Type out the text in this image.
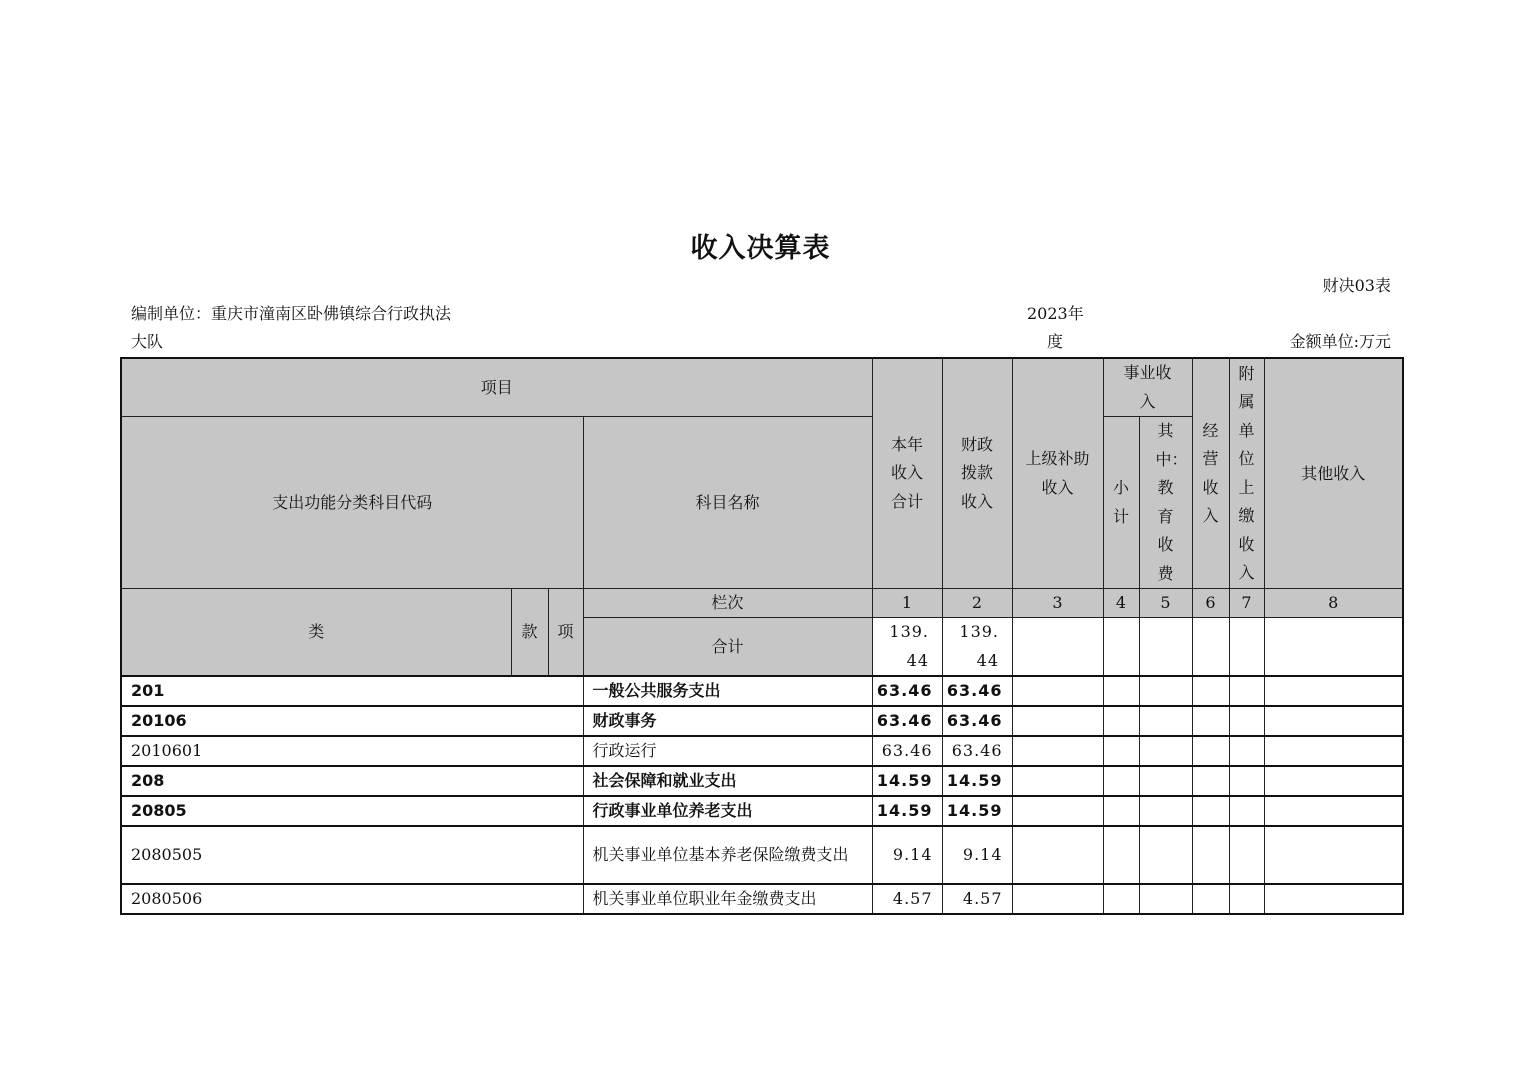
收入决算表
财决03表
编制单位：重庆市潼南区卧佛镇综合行政执法
大队
2023年
度	金额单位:万元
项目				本年收入合计	财政拨款收入	上级补助收入	事业收入		经营收入	附属单位上缴收入	其他收入
支出功能分类科目代码			科目名称				小计	其中：教育收费			

类	款	项	栏次	1	2	3	4	5	6	7	8
			合计	139.44	139.44						

201			一般公共服务支出	63.46	63.46						
20106			财政事务	63.46	63.46						
2010601			行政运行	63.46	63.46						
208			社会保障和就业支出	14.59	14.59						
20805			行政事业单位养老支出	14.59	14.59						
2080505			机关事业单位基本养老保险缴费支出	9.14	9.14						
2080506			机关事业单位职业年金缴费支出	4.57	4.57						
